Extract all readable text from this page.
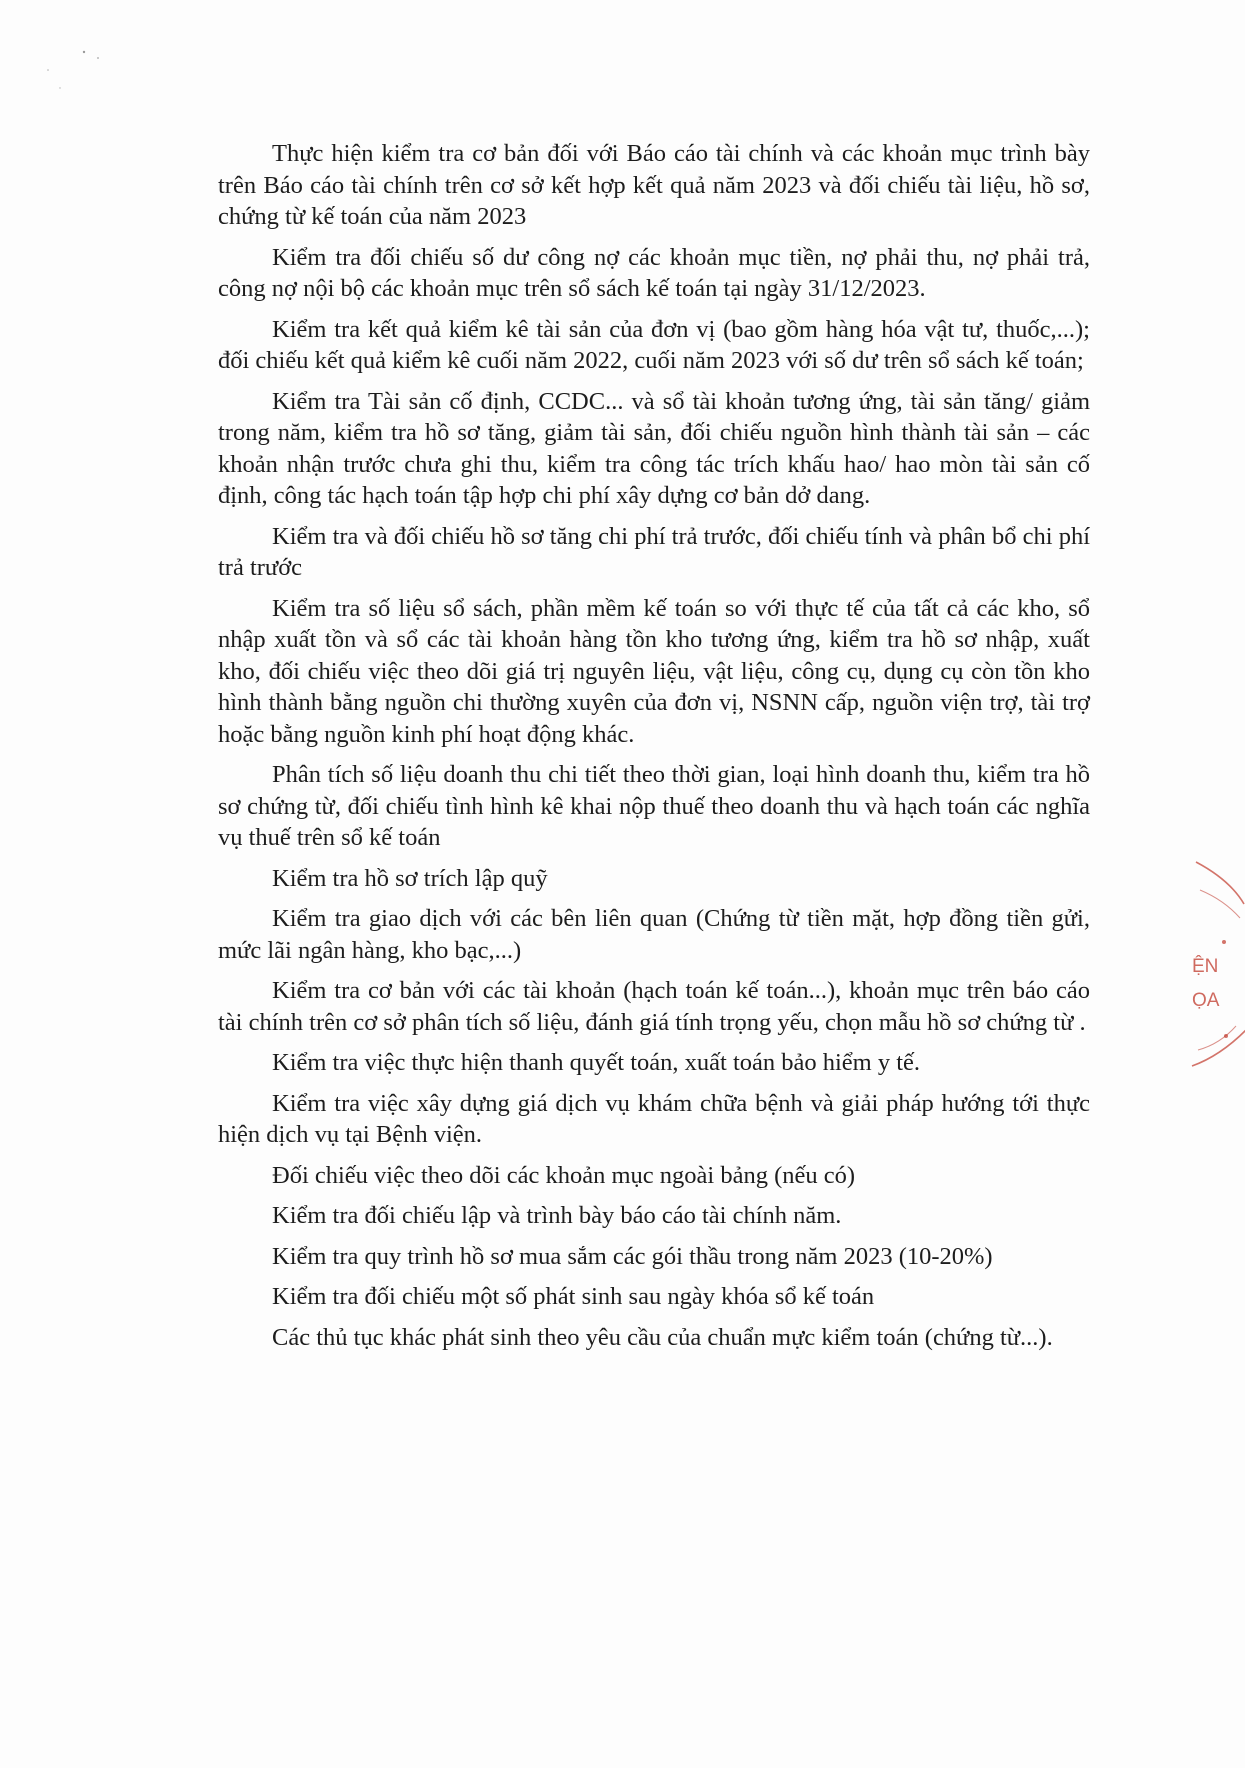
Thực hiện kiểm tra cơ bản đối với Báo cáo tài chính và các khoản mục trình bày trên Báo cáo tài chính trên cơ sở kết hợp kết quả năm 2023 và đối chiếu tài liệu, hồ sơ, chứng từ kế toán của năm 2023

Kiểm tra đối chiếu số dư công nợ các khoản mục tiền, nợ phải thu, nợ phải trả, công nợ nội bộ các khoản mục trên sổ sách kế toán tại ngày 31/12/2023.

Kiểm tra kết quả kiểm kê tài sản của đơn vị (bao gồm hàng hóa vật tư, thuốc,...); đối chiếu kết quả kiểm kê cuối năm 2022, cuối năm 2023 với số dư trên sổ sách kế toán;

Kiểm tra Tài sản cố định, CCDC... và sổ tài khoản tương ứng, tài sản tăng/ giảm trong năm, kiểm tra hồ sơ tăng, giảm tài sản, đối chiếu nguồn hình thành tài sản – các khoản nhận trước chưa ghi thu, kiểm tra công tác trích khấu hao/ hao mòn tài sản cố định, công tác hạch toán tập hợp chi phí xây dựng cơ bản dở dang.

Kiểm tra và đối chiếu hồ sơ tăng chi phí trả trước, đối chiếu tính và phân bổ chi phí trả trước

Kiểm tra số liệu sổ sách, phần mềm kế toán so với thực tế của tất cả các kho, sổ nhập xuất tồn và sổ các tài khoản hàng tồn kho tương ứng, kiểm tra hồ sơ nhập, xuất kho, đối chiếu việc theo dõi giá trị nguyên liệu, vật liệu, công cụ, dụng cụ còn tồn kho hình thành bằng nguồn chi thường xuyên của đơn vị, NSNN cấp, nguồn viện trợ, tài trợ hoặc bằng nguồn kinh phí hoạt động khác.

Phân tích số liệu doanh thu chi tiết theo thời gian, loại hình doanh thu, kiểm tra hồ sơ chứng từ, đối chiếu tình hình kê khai nộp thuế theo doanh thu và hạch toán các nghĩa vụ thuế trên sổ kế toán

Kiểm tra hồ sơ trích lập quỹ

Kiểm tra giao dịch với các bên liên quan (Chứng từ tiền mặt, hợp đồng tiền gửi, mức lãi ngân hàng, kho bạc,...)

Kiểm tra cơ bản với các tài khoản (hạch toán kế toán...), khoản mục trên báo cáo tài chính trên cơ sở phân tích số liệu, đánh giá tính trọng yếu, chọn mẫu hồ sơ chứng từ .

Kiểm tra việc thực hiện thanh quyết toán, xuất toán bảo hiểm y tế.

Kiểm tra việc xây dựng giá dịch vụ khám chữa bệnh và giải pháp hướng tới thực hiện dịch vụ tại Bệnh viện.

Đối chiếu việc theo dõi các khoản mục ngoài bảng (nếu có)

Kiểm tra đối chiếu lập và trình bày báo cáo tài chính năm.

Kiểm tra quy trình hồ sơ mua sắm các gói thầu trong năm 2023 (10-20%)

Kiểm tra đối chiếu một số phát sinh sau ngày khóa sổ kế toán

Các thủ tục khác phát sinh theo yêu cầu của chuẩn mực kiểm toán (chứng từ...).

ỆN
ỌA
